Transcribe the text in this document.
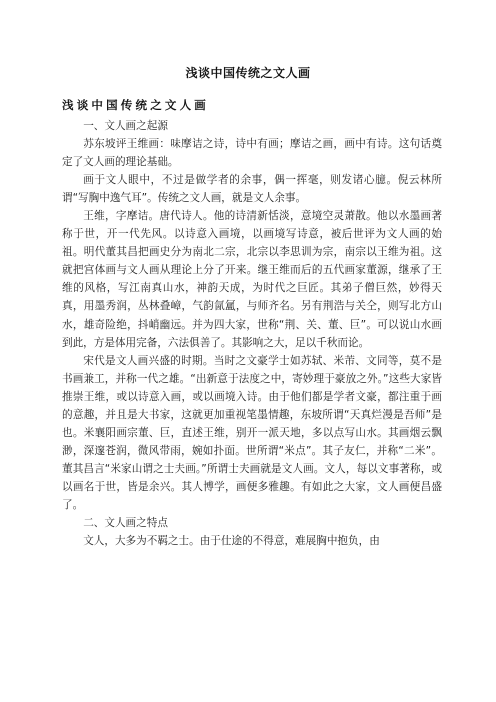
浅谈中国传统之文人画
浅谈中国传统之文人画

一、文人画之起源

苏东坡评王维画：味摩诘之诗，诗中有画；摩诘之画，画中有诗。这句话奠定了文人画的理论基础。

画于文人眼中，不过是做学者的余事，偶一挥毫，则发诸心臆。倪云林所谓“写胸中逸气耳”。传统之文人画，就是文人余事。

王维，字摩诘。唐代诗人。他的诗清新恬淡，意境空灵萧散。他以水墨画著称于世，开一代先风。以诗意入画境，以画境写诗意，被后世评为文人画的始祖。明代董其昌把画史分为南北二宗，北宗以李思训为宗，南宗以王维为祖。这就把宫体画与文人画从理论上分了开来。继王维而后的五代画家董源，继承了王维的风格，写江南真山水，神韵天成，为时代之巨匠。其弟子僧巨然，妙得天真，用墨秀润，丛林叠嶂，气韵氤氲，与师齐名。另有荆浩与关仝，则写北方山水，雄奇险绝，抖峭幽远。并为四大家，世称“荆、关、董、巨”。可以说山水画到此，方是体用完备，六法俱善了。其影响之大，足以千秋而论。

宋代是文人画兴盛的时期。当时之文豪学士如苏轼、米芾、文同等，莫不是书画兼工，并称一代之雄。“出新意于法度之中，寄妙理于豪放之外。”这些大家皆推崇王维，或以诗意入画，或以画境入诗。由于他们都是学者文豪，都注重于画的意趣，并且是大书家，这就更加重视笔墨情趣，东坡所谓“天真烂漫是吾师”是也。米襄阳画宗董、巨，直述王维，别开一派天地，多以点写山水。其画烟云飘渺，深邃苍润，微风带雨，婉如扑面。世所谓“米点”。其子友仁，并称“二米”。董其昌言“米家山谓之士夫画。”所谓士夫画就是文人画。文人，每以文事著称，或以画名于世，皆是余兴。其人博学，画便多雅趣。有如此之大家，文人画便昌盛了。

二、文人画之特点

文人，大多为不羁之士。由于仕途的不得意，难展胸中抱负，由
